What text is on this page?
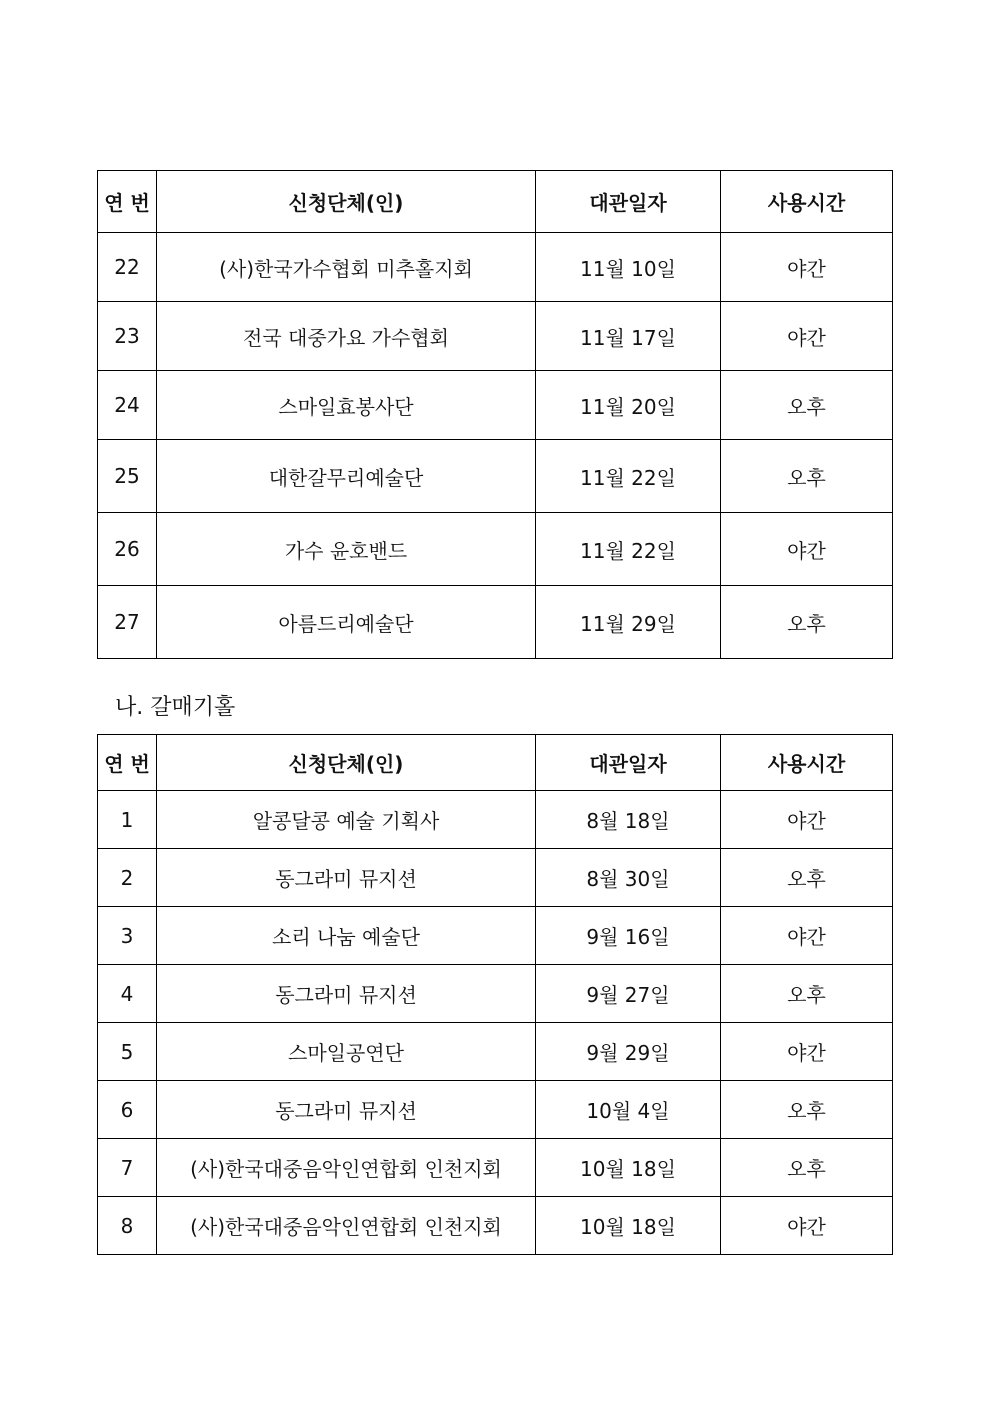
연 번	신청단체(인)	대관일자	사용시간
22	(사)한국가수협회 미추홀지회	11월 10일	야간
23	전국 대중가요 가수협회	11월 17일	야간
24	스마일효봉사단	11월 20일	오후
25	대한갈무리예술단	11월 22일	오후
26	가수 윤호밴드	11월 22일	야간
27	아름드리예술단	11월 29일	오후
나. 갈매기홀
연 번	신청단체(인)	대관일자	사용시간
1	알콩달콩 예술 기획사	8월 18일	야간
2	동그라미 뮤지션	8월 30일	오후
3	소리 나눔 예술단	9월 16일	야간
4	동그라미 뮤지션	9월 27일	오후
5	스마일공연단	9월 29일	야간
6	동그라미 뮤지션	10월 4일	오후
7	(사)한국대중음악인연합회 인천지회	10월 18일	오후
8	(사)한국대중음악인연합회 인천지회	10월 18일	야간
